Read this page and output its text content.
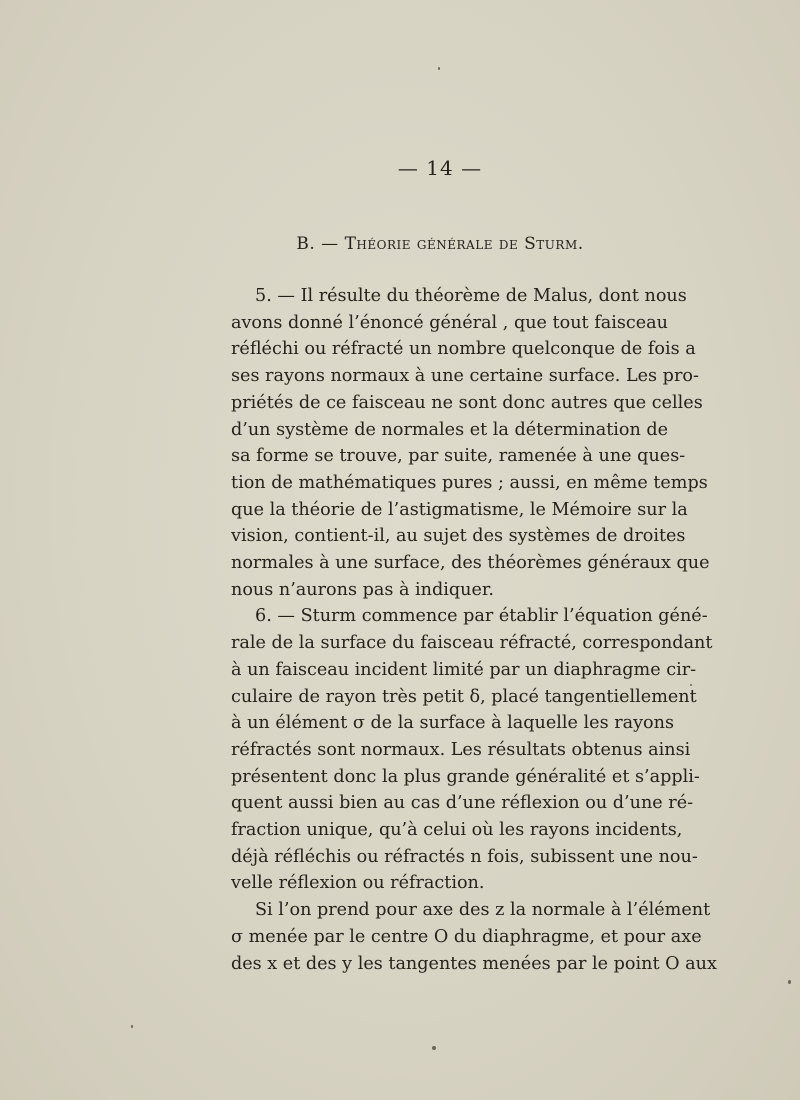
— 14 —
B. — Théorie générale de Sturm.
5. — Il résulte du théorème de Malus, dont nous
avons donné l’énoncé général , que tout faisceau
réfléchi ou réfracté un nombre quelconque de fois a
ses rayons normaux à une certaine surface. Les pro-
priétés de ce faisceau ne sont donc autres que celles
d’un système de normales et la détermination de
sa forme se trouve, par suite, ramenée à une ques-
tion de mathématiques pures ; aussi, en même temps
que la théorie de l’astigmatisme, le Mémoire sur la
vision, contient-il, au sujet des systèmes de droites
normales à une surface, des théorèmes généraux que
nous n’aurons pas à indiquer.
6. — Sturm commence par établir l’équation géné-
rale de la surface du faisceau réfracté, correspondant
à un faisceau incident limité par un diaphragme cir-
culaire de rayon très petit δ, placé tangentiellement
à un élément σ de la surface à laquelle les rayons
réfractés sont normaux. Les résultats obtenus ainsi
présentent donc la plus grande généralité et s’appli-
quent aussi bien au cas d’une réflexion ou d’une ré-
fraction unique, qu’à celui où les rayons incidents,
déjà réfléchis ou réfractés n fois, subissent une nou-
velle réflexion ou réfraction.
Si l’on prend pour axe des z la normale à l’élément
σ menée par le centre O du diaphragme, et pour axe
des x et des y les tangentes menées par le point O aux
